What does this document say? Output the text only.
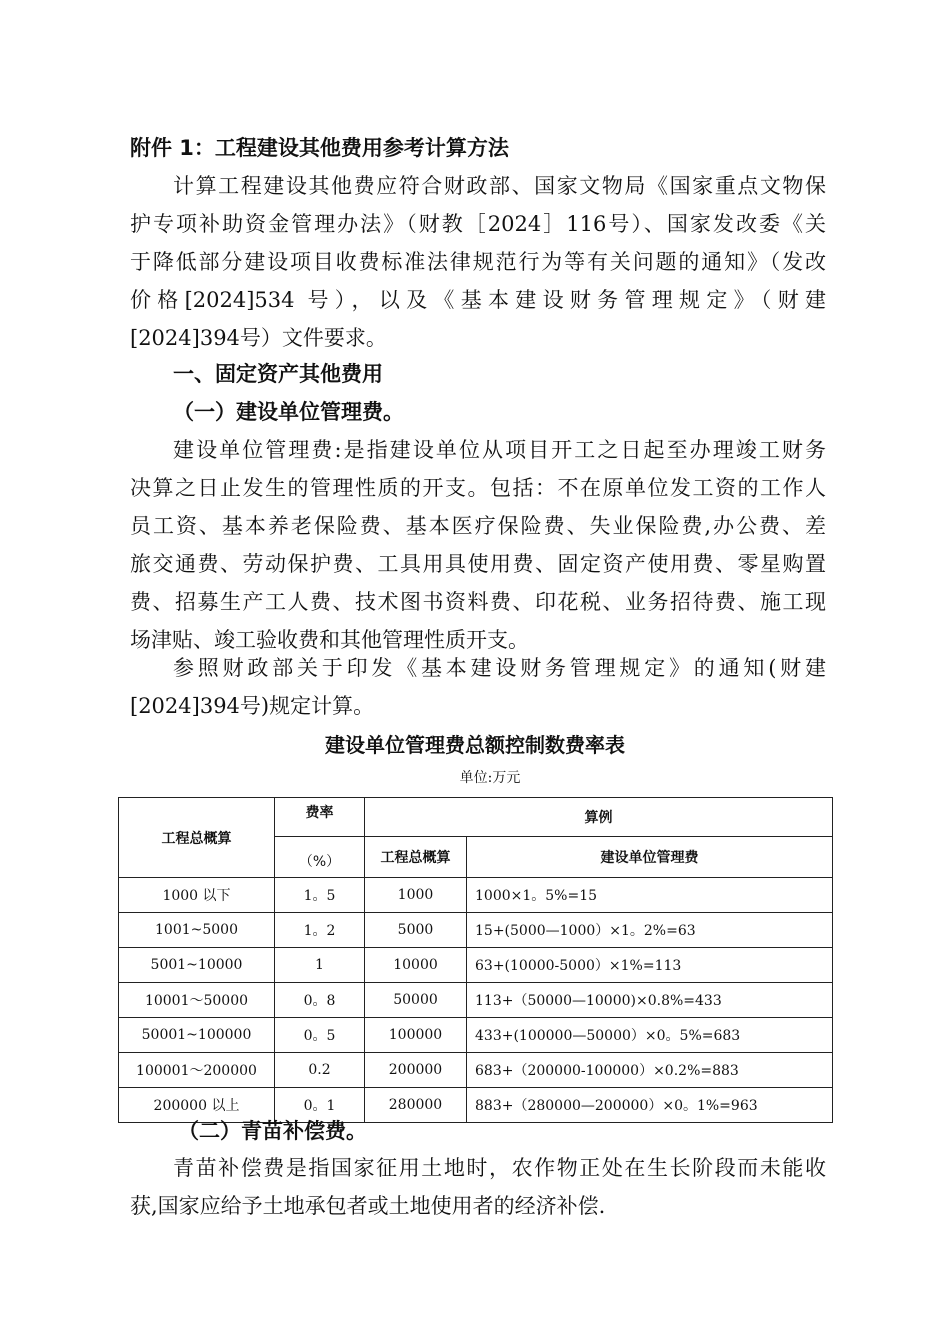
附件 1：工程建设其他费用参考计算方法
计算工程建设其他费应符合财政部、国家文物局《国家重点文物保
护专项补助资金管理办法》（财教［2024］116号）、国家发改委《关
于降低部分建设项目收费标准法律规范行为等有关问题的通知》（发改
价格[2024]534 号），以及《基本建设财务管理规定》（财建
[2024]394号）文件要求。
一、固定资产其他费用
（一）建设单位管理费。
建设单位管理费:是指建设单位从项目开工之日起至办理竣工财务
决算之日止发生的管理性质的开支。包括：不在原单位发工资的工作人
员工资、基本养老保险费、基本医疗保险费、失业保险费,办公费、差
旅交通费、劳动保护费、工具用具使用费、固定资产使用费、零星购置
费、招募生产工人费、技术图书资料费、印花税、业务招待费、施工现
场津贴、竣工验收费和其他管理性质开支。
参照财政部关于印发《基本建设财务管理规定》的通知(财建
[2024]394号)规定计算。
建设单位管理费总额控制数费率表
单位:万元
工程总概算	费率	算例	
	（%）	工程总概算	建设单位管理费
1000 以下	1。5	1000	1000×1。5%=15
1001~5000	1。2	5000	15+(5000—1000）×1。2%=63
5001~10000	1	10000	63+(10000-5000）×1%=113
10001～50000	0。8	50000	113+（50000—10000)×0.8%=433
50001~100000	0。5	100000	433+(100000—50000）×0。5%=683
100001～200000	0.2	200000	683+（200000-100000）×0.2%=883
200000 以上	0。1	280000	883+（280000—200000）×0。1%=963
（二）青苗补偿费。
青苗补偿费是指国家征用土地时，农作物正处在生长阶段而未能收
获,国家应给予土地承包者或土地使用者的经济补偿.
